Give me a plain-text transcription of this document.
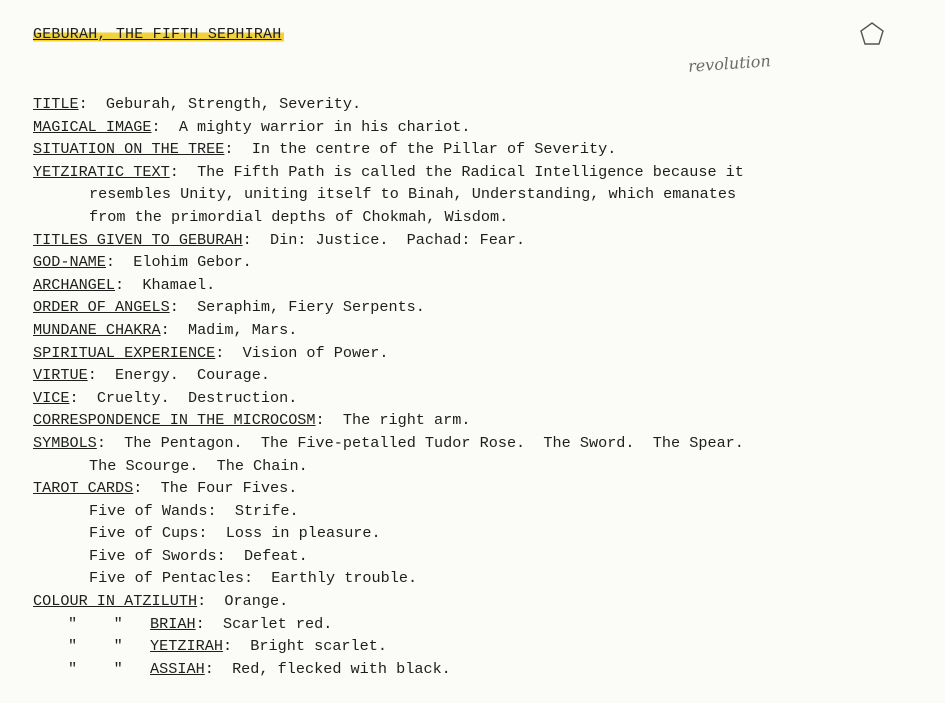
GEBURAH, THE FIFTH SEPHIRAH
revolution
TITLE:  Geburah, Strength, Severity.
MAGICAL IMAGE:  A mighty warrior in his chariot.
SITUATION ON THE TREE:  In the centre of the Pillar of Severity.
YETZIRATIC TEXT:  The Fifth Path is called the Radical Intelligence because it
resembles Unity, uniting itself to Binah, Understanding, which emanates
from the primordial depths of Chokmah, Wisdom.
TITLES GIVEN TO GEBURAH:  Din: Justice.  Pachad: Fear.
GOD-NAME:  Elohim Gebor.
ARCHANGEL:  Khamael.
ORDER OF ANGELS:  Seraphim, Fiery Serpents.
MUNDANE CHAKRA:  Madim, Mars.
SPIRITUAL EXPERIENCE:  Vision of Power.
VIRTUE:  Energy.  Courage.
VICE:  Cruelty.  Destruction.
CORRESPONDENCE IN THE MICROCOSM:  The right arm.
SYMBOLS:  The Pentagon.  The Five-petalled Tudor Rose.  The Sword.  The Spear.
The Scourge.  The Chain.
TAROT CARDS:  The Four Fives.
Five of Wands:  Strife.
Five of Cups:  Loss in pleasure.
Five of Swords:  Defeat.
Five of Pentacles:  Earthly trouble.
COLOUR IN ATZILUTH:  Orange.
"    " BRIAH:  Scarlet red.
"    " YETZIRAH:  Bright scarlet.
"    " ASSIAH:  Red, flecked with black.
